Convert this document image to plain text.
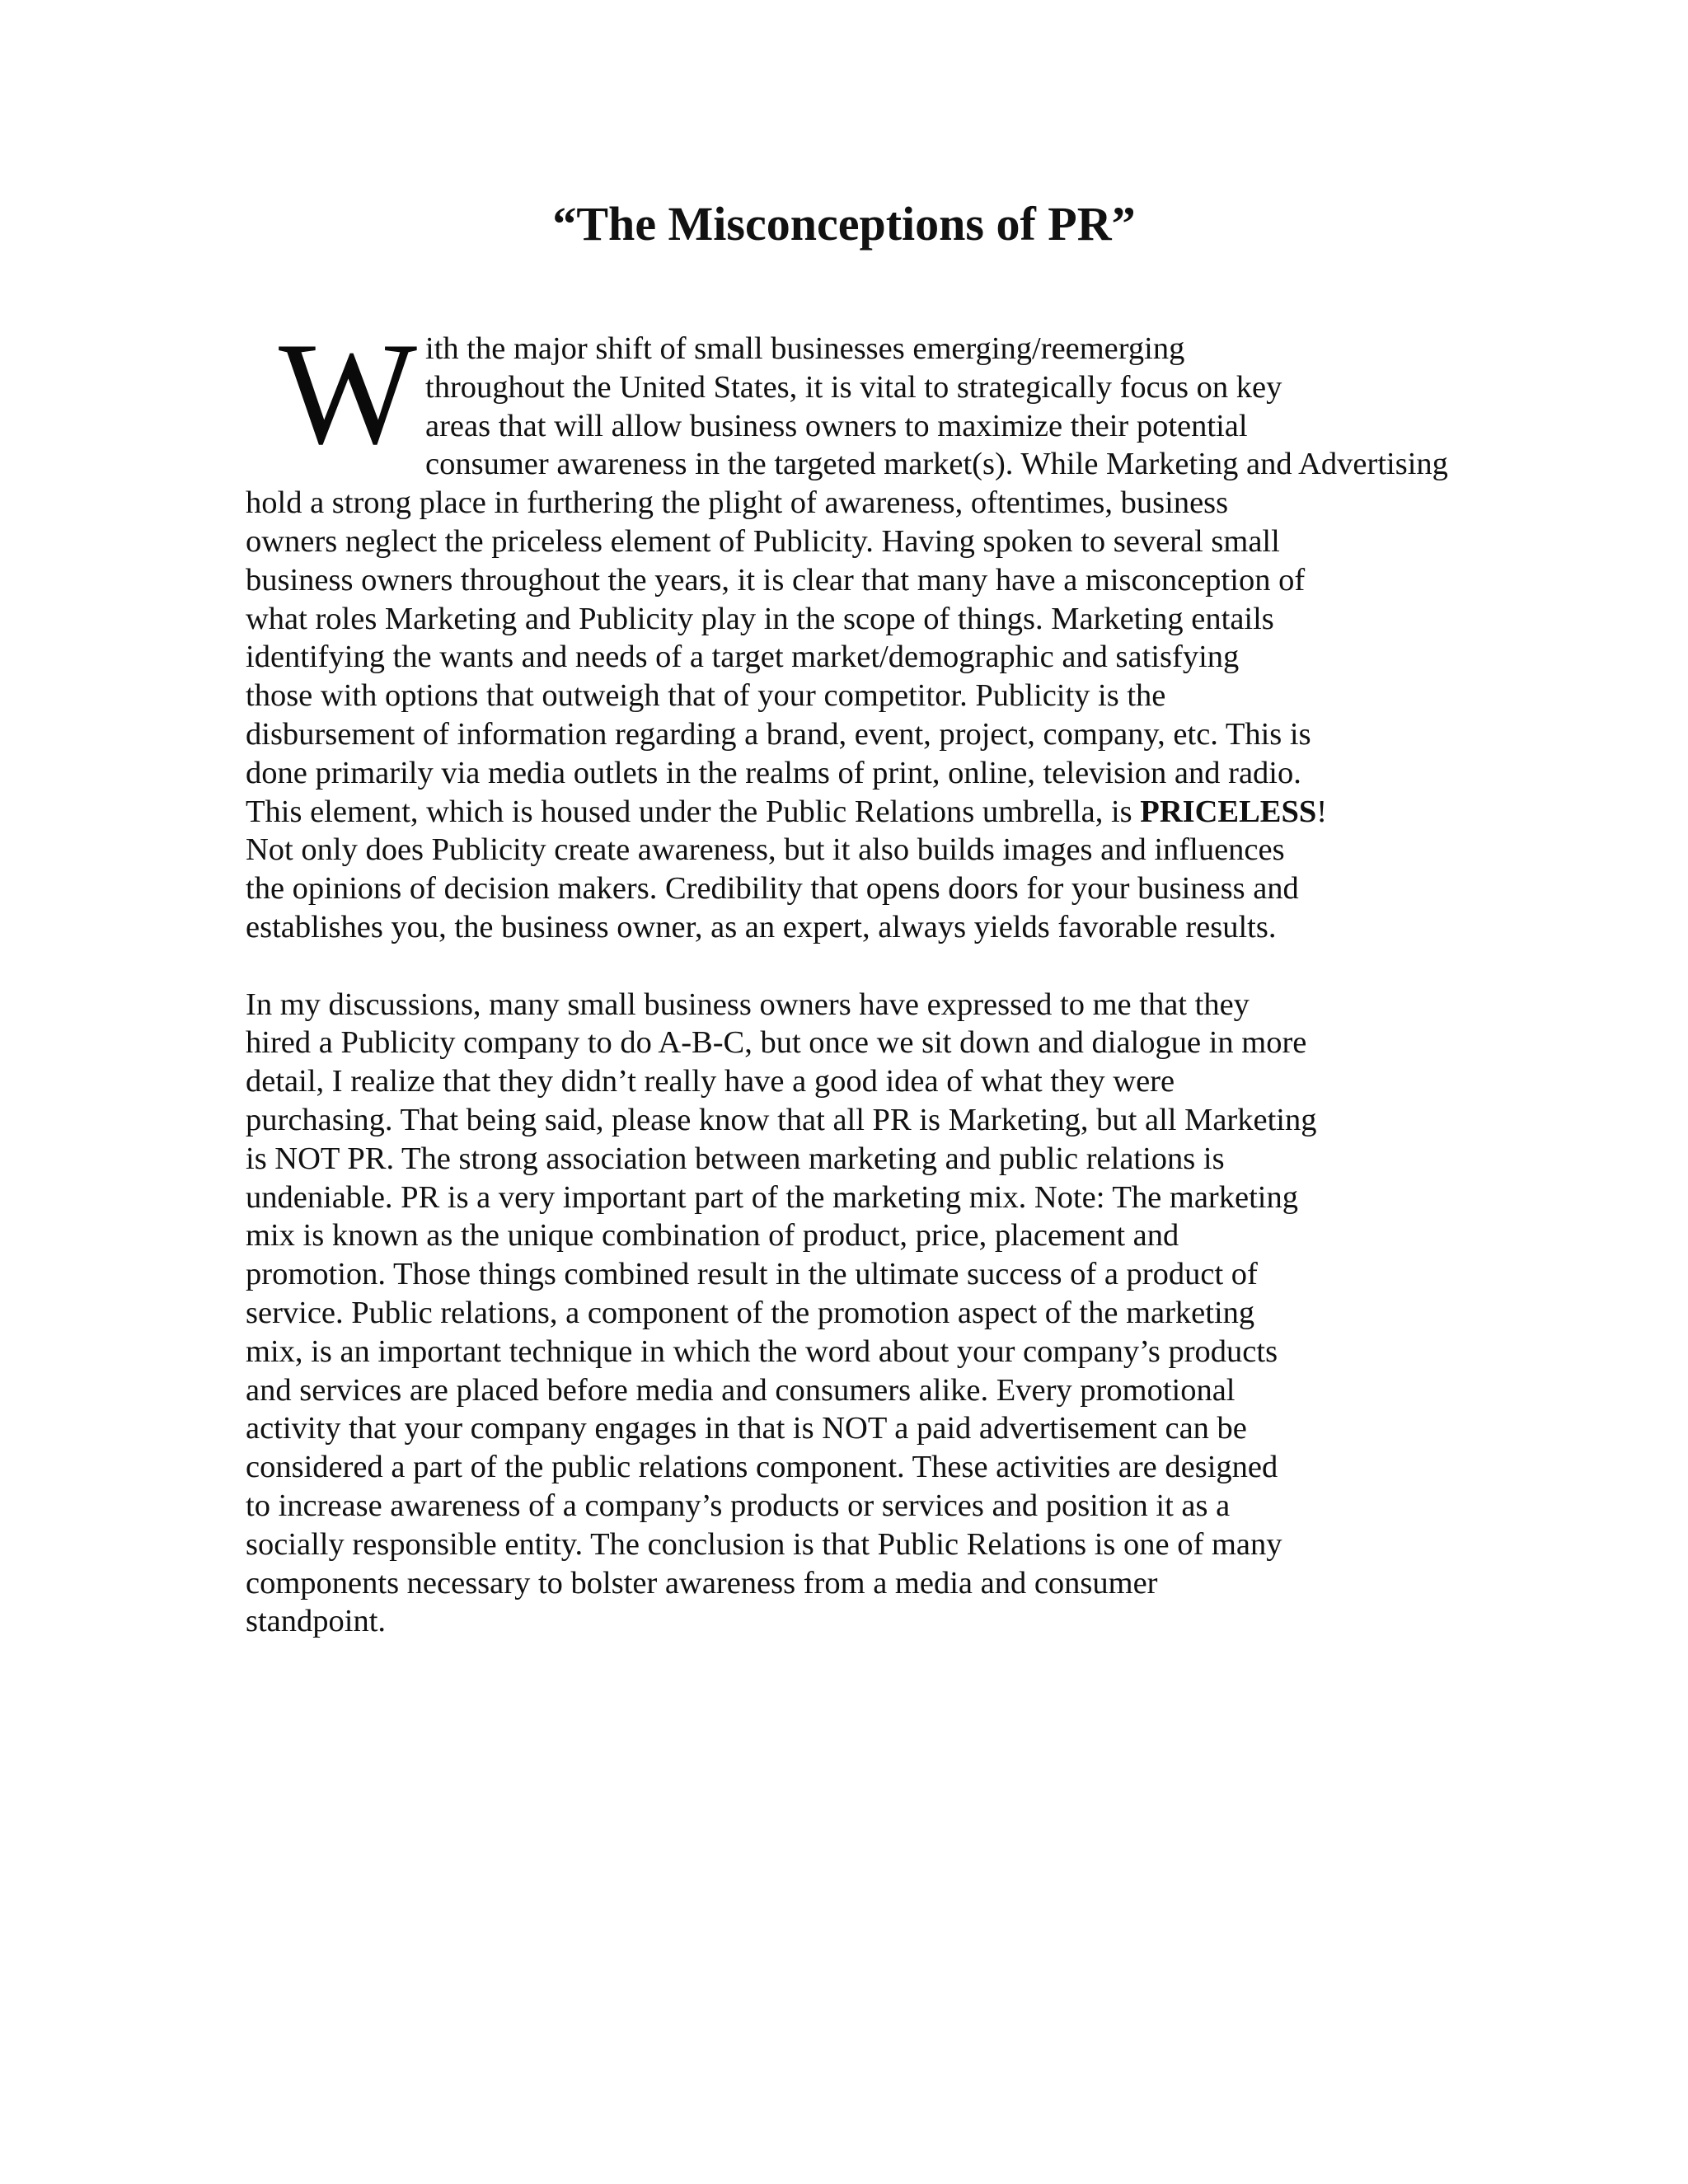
“The Misconceptions of PR”
W ith the major shift of small businesses emerging/reemerging
throughout the United States, it is vital to strategically focus on key
areas that will allow business owners to maximize their potential
consumer awareness in the targeted market(s). While Marketing and Advertising
hold a strong place in furthering the plight of awareness, oftentimes, business
owners neglect the priceless element of Publicity. Having spoken to several small
business owners throughout the years, it is clear that many have a misconception of
what roles Marketing and Publicity play in the scope of things. Marketing entails
identifying the wants and needs of a target market/demographic and satisfying
those with options that outweigh that of your competitor. Publicity is the
disbursement of information regarding a brand, event, project, company, etc. This is
done primarily via media outlets in the realms of print, online, television and radio.
This element, which is housed under the Public Relations umbrella, is PRICELESS!
Not only does Publicity create awareness, but it also builds images and influences
the opinions of decision makers. Credibility that opens doors for your business and
establishes you, the business owner, as an expert, always yields favorable results.
In my discussions, many small business owners have expressed to me that they
hired a Publicity company to do A-B-C, but once we sit down and dialogue in more
detail, I realize that they didn’t really have a good idea of what they were
purchasing. That being said, please know that all PR is Marketing, but all Marketing
is NOT PR. The strong association between marketing and public relations is
undeniable. PR is a very important part of the marketing mix. Note: The marketing
mix is known as the unique combination of product, price, placement and
promotion. Those things combined result in the ultimate success of a product of
service. Public relations, a component of the promotion aspect of the marketing
mix, is an important technique in which the word about your company’s products
and services are placed before media and consumers alike. Every promotional
activity that your company engages in that is NOT a paid advertisement can be
considered a part of the public relations component. These activities are designed
to increase awareness of a company’s products or services and position it as a
socially responsible entity. The conclusion is that Public Relations is one of many
components necessary to bolster awareness from a media and consumer
standpoint.
